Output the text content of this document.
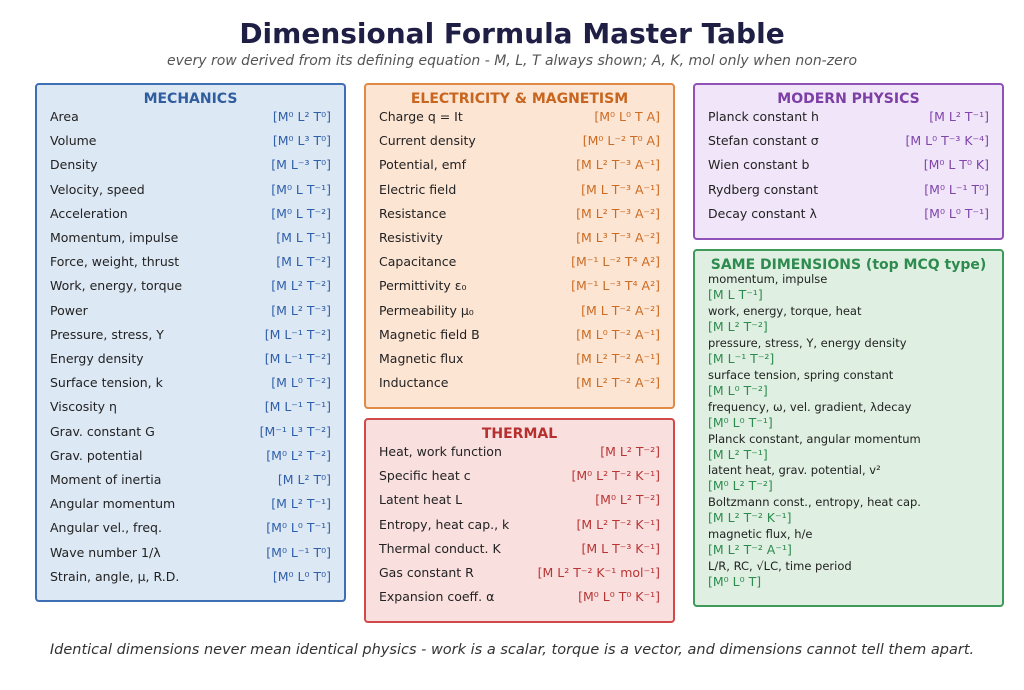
Dimensional Formula Master Table
every row derived from its defining equation - M, L, T always shown; A, K, mol only when non-zero
MECHANICS
Area	[M⁰ L² T⁰]
Volume	[M⁰ L³ T⁰]
Density	[M L⁻³ T⁰]
Velocity, speed	[M⁰ L T⁻¹]
Acceleration	[M⁰ L T⁻²]
Momentum, impulse	[M L T⁻¹]
Force, weight, thrust	[M L T⁻²]
Work, energy, torque	[M L² T⁻²]
Power	[M L² T⁻³]
Pressure, stress, Y	[M L⁻¹ T⁻²]
Energy density	[M L⁻¹ T⁻²]
Surface tension, k	[M L⁰ T⁻²]
Viscosity η	[M L⁻¹ T⁻¹]
Grav. constant G	[M⁻¹ L³ T⁻²]
Grav. potential	[M⁰ L² T⁻²]
Moment of inertia	[M L² T⁰]
Angular momentum	[M L² T⁻¹]
Angular vel., freq.	[M⁰ L⁰ T⁻¹]
Wave number 1/λ	[M⁰ L⁻¹ T⁰]
Strain, angle, μ, R.D.	[M⁰ L⁰ T⁰]
ELECTRICITY & MAGNETISM
Charge q = It	[M⁰ L⁰ T A]
Current density	[M⁰ L⁻² T⁰ A]
Potential, emf	[M L² T⁻³ A⁻¹]
Electric field	[M L T⁻³ A⁻¹]
Resistance	[M L² T⁻³ A⁻²]
Resistivity	[M L³ T⁻³ A⁻²]
Capacitance	[M⁻¹ L⁻² T⁴ A²]
Permittivity ε₀	[M⁻¹ L⁻³ T⁴ A²]
Permeability μ₀	[M L T⁻² A⁻²]
Magnetic field B	[M L⁰ T⁻² A⁻¹]
Magnetic flux	[M L² T⁻² A⁻¹]
Inductance	[M L² T⁻² A⁻²]
THERMAL
Heat, work function	[M L² T⁻²]
Specific heat c	[M⁰ L² T⁻² K⁻¹]
Latent heat L	[M⁰ L² T⁻²]
Entropy, heat cap., k	[M L² T⁻² K⁻¹]
Thermal conduct. K	[M L T⁻³ K⁻¹]
Gas constant R	[M L² T⁻² K⁻¹ mol⁻¹]
Expansion coeff. α	[M⁰ L⁰ T⁰ K⁻¹]
MODERN PHYSICS
Planck constant h	[M L² T⁻¹]
Stefan constant σ	[M L⁰ T⁻³ K⁻⁴]
Wien constant b	[M⁰ L T⁰ K]
Rydberg constant	[M⁰ L⁻¹ T⁰]
Decay constant λ	[M⁰ L⁰ T⁻¹]
SAME DIMENSIONS (top MCQ type)
momentum, impulse
[M L T⁻¹]
work, energy, torque, heat
[M L² T⁻²]
pressure, stress, Y, energy density
[M L⁻¹ T⁻²]
surface tension, spring constant
[M L⁰ T⁻²]
frequency, ω, vel. gradient, λdecay
[M⁰ L⁰ T⁻¹]
Planck constant, angular momentum
[M L² T⁻¹]
latent heat, grav. potential, v²
[M⁰ L² T⁻²]
Boltzmann const., entropy, heat cap.
[M L² T⁻² K⁻¹]
magnetic flux, h/e
[M L² T⁻² A⁻¹]
L/R, RC, √LC, time period
[M⁰ L⁰ T]
Identical dimensions never mean identical physics - work is a scalar, torque is a vector, and dimensions cannot tell them apart.
